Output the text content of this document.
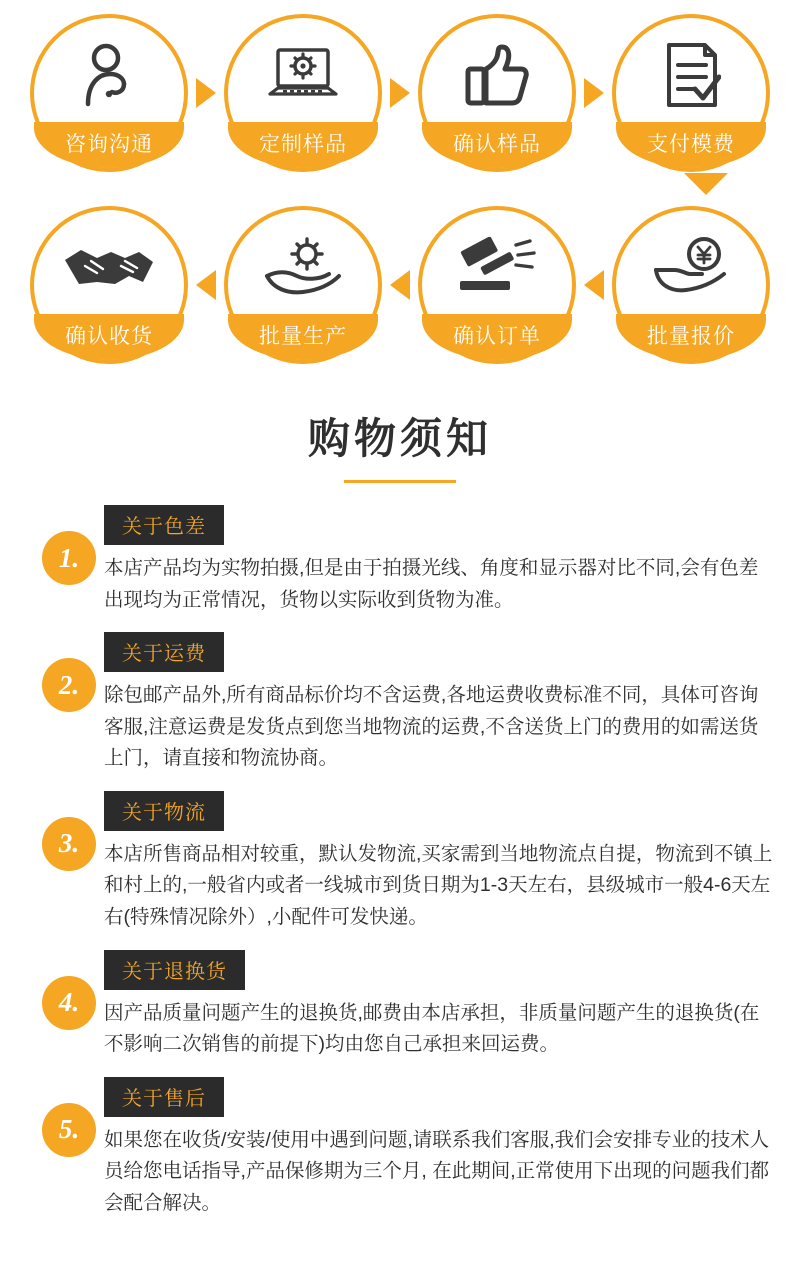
咨询沟通	定制样品	确认样品	支付模费
确认收货	批量生产	确认订单	批量报价
购物须知
1.
关于色差
本店产品均为实物拍摄,但是由于拍摄光线、角度和显示器对比不同,会有色差出现均为正常情况，货物以实际收到货物为准。
2.
关于运费
除包邮产品外,所有商品标价均不含运费,各地运费收费标准不同，具体可咨询客服,注意运费是发货点到您当地物流的运费,不含送货上门的费用的如需送货上门，请直接和物流协商。
3.
关于物流
本店所售商品相对较重，默认发物流,买家需到当地物流点自提，物流到不镇上和村上的,一般省内或者一线城市到货日期为1-3天左右，县级城市一般4-6天左右(特殊情况除外）,小配件可发快递。
4.
关于退换货
因产品质量问题产生的退换货,邮费由本店承担，非质量问题产生的退换货(在不影响二次销售的前提下)均由您自己承担来回运费。
5.
关于售后
如果您在收货/安装/使用中遇到问题,请联系我们客服,我们会安排专业的技术人员给您电话指导,产品保修期为三个月, 在此期间,正常使用下出现的问题我们都会配合解决。
